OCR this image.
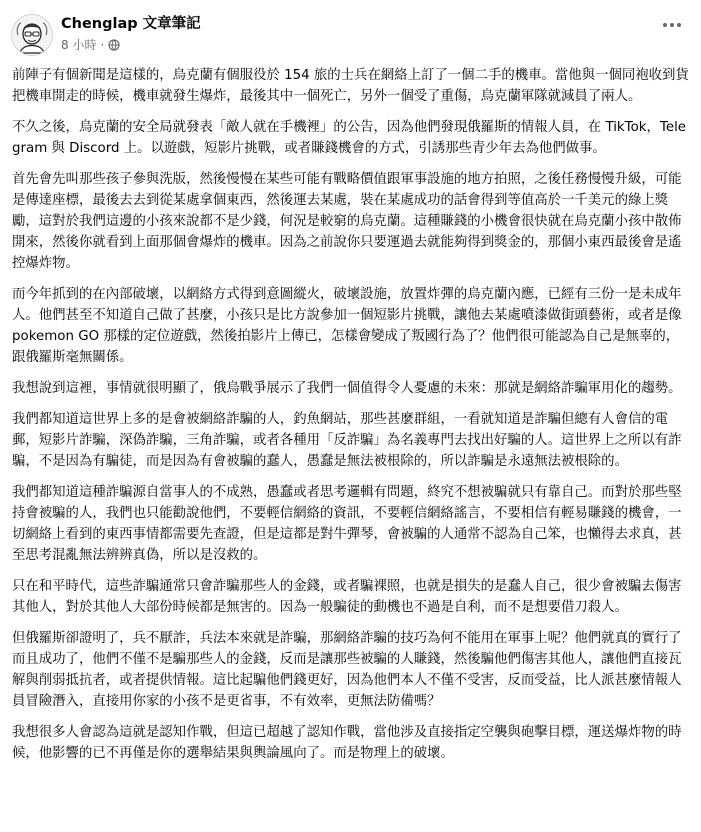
Chenglap 文章筆記
8 小時 ·

前陣子有個新聞是這樣的，烏克蘭有個服役於 154 旅的士兵在網絡上訂了一個二手的機車。當他與一個同袍收到貨把機車開走的時候，機車就發生爆炸，最後其中一個死亡，另外一個受了重傷，烏克蘭軍隊就減員了兩人。

不久之後，烏克蘭的安全局就發表「敵人就在手機裡」的公告，因為他們發現俄羅斯的情報人員，在 TikTok，Telegram 與 Discord 上。以遊戲，短影片挑戰，或者賺錢機會的方式，引誘那些青少年去為他們做事。

首先會先叫那些孩子參與洗版，然後慢慢在某些可能有戰略價值跟軍事設施的地方拍照，之後任務慢慢升級，可能是傳達座標，最後去去到從某處拿個東西，然後運去某處，裝在某處成功的話會得到等值高於一千美元的綠上獎勵，這對於我們這邊的小孩來說都不是少錢，何況是較窮的烏克蘭。這種賺錢的小機會很快就在烏克蘭小孩中散佈開來，然後你就看到上面那個會爆炸的機車。因為之前說你只要運過去就能夠得到獎金的，那個小東西最後會是遙控爆炸物。

而今年抓到的在內部破壞，以網絡方式得到意圖縱火，破壞設施，放置炸彈的烏克蘭內應，已經有三份一是未成年人。他們甚至不知道自己做了甚麼，小孩只是比方說參加一個短影片挑戰，讓他去某處噴漆做街頭藝術，或者是像 pokemon GO 那樣的定位遊戲，然後拍影片上傳已，怎樣會變成了叛國行為了？他們很可能認為自己是無辜的，跟俄羅斯毫無關係。

我想說到這裡，事情就很明顯了，俄烏戰爭展示了我們一個值得令人憂慮的未來：那就是網絡詐騙軍用化的趨勢。

我們都知道這世界上多的是會被網絡詐騙的人，釣魚網站，那些甚麼群組，一看就知道是詐騙但總有人會信的電郵，短影片詐騙，深偽詐騙，三角詐騙，或者各種用「反詐騙」為名義專門去找出好騙的人。這世界上之所以有詐騙，不是因為有騙徒，而是因為有會被騙的蠢人，愚蠢是無法被根除的，所以詐騙是永遠無法被根除的。

我們都知道這種詐騙源自當事人的不成熟，愚蠢或者思考邏輯有問題，終究不想被騙就只有靠自己。而對於那些堅持會被騙的人，我們也只能勸說他們，不要輕信網絡的資訊，不要輕信網絡謠言，不要相信有輕易賺錢的機會，一切網絡上看到的東西事情都需要先查證，但是這都是對牛彈琴，會被騙的人通常不認為自己笨，也懶得去求真，甚至思考混亂無法辨辨真偽，所以是沒救的。

只在和平時代，這些詐騙通常只會詐騙那些人的金錢，或者騙裸照，也就是損失的是蠢人自己，很少會被騙去傷害其他人，對於其他人大部份時候都是無害的。因為一般騙徒的動機也不過是自利，而不是想要借刀殺人。

但俄羅斯卻證明了，兵不厭詐，兵法本來就是詐騙，那網絡詐騙的技巧為何不能用在軍事上呢？他們就真的實行了而且成功了，他們不僅不是騙那些人的金錢，反而是讓那些被騙的人賺錢，然後騙他們傷害其他人，讓他們直接瓦解與削弱抵抗者，或者提供情報。這比起騙他們錢更好，因為他們本人不僅不受害，反而受益，比人派甚麼情報人員冒險潛入，直接用你家的小孩不是更省事，不有效率，更無法防備嗎？

我想很多人會認為這就是認知作戰，但這已超越了認知作戰，當他涉及直接指定空襲與砲擊目標，運送爆炸物的時候，他影響的已不再僅是你的選舉結果與輿論風向了。而是物理上的破壞。
